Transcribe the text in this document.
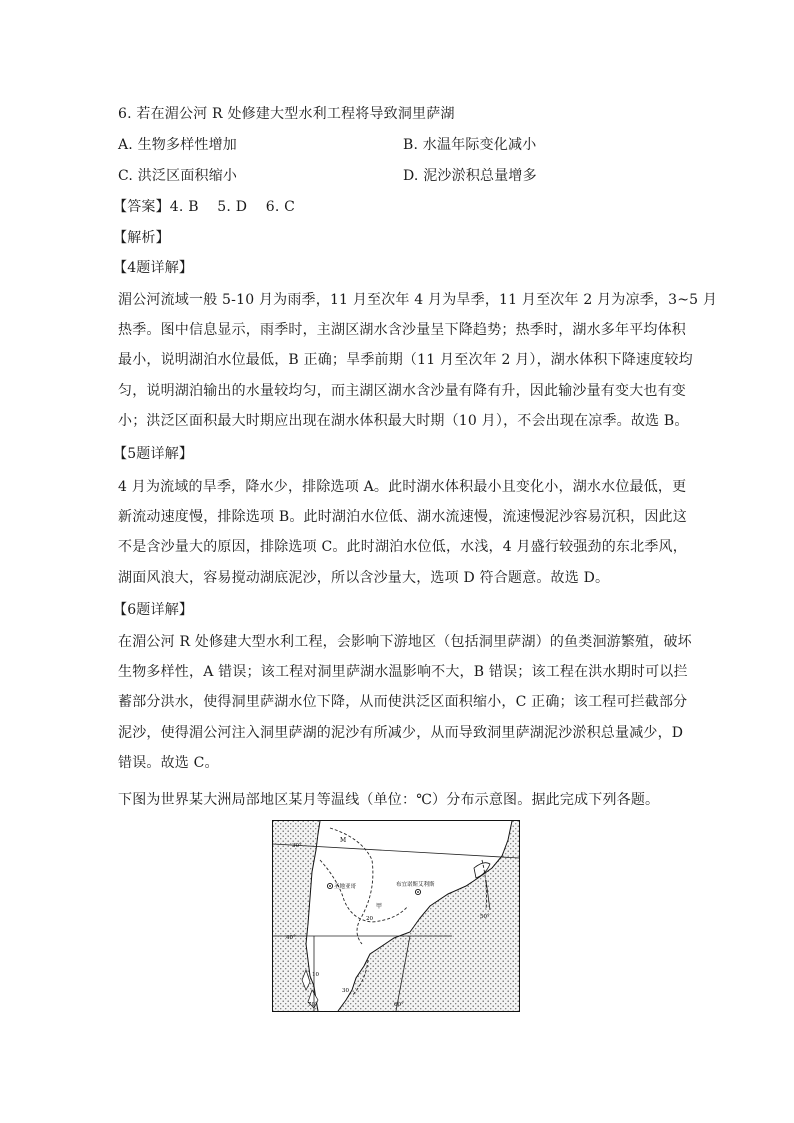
6. 若在湄公河 R 处修建大型水利工程将导致洞里萨湖
A. 生物多样性增加	B. 水温年际变化减小
C. 洪泛区面积缩小	D. 泥沙淤积总量增多
【答案】4. B    5. D    6. C
【解析】
【4题详解】
湄公河流域一般 5-10 月为雨季，11 月至次年 4 月为旱季，11 月至次年 2 月为凉季，3~5 月
热季。图中信息显示，雨季时，主湖区湖水含沙量呈下降趋势；热季时，湖水多年平均体积
最小，说明湖泊水位最低，B 正确；旱季前期（11 月至次年 2 月），湖水体积下降速度较均
匀，说明湖泊输出的水量较均匀，而主湖区湖水含沙量有降有升，因此输沙量有变大也有变
小；洪泛区面积最大时期应出现在湖水体积最大时期（10 月），不会出现在凉季。故选 B。
【5题详解】
4 月为流域的旱季，降水少，排除选项 A。此时湖水体积最小且变化小，湖水水位最低，更
新流动速度慢，排除选项 B。此时湖泊水位低、湖水流速慢，流速慢泥沙容易沉积，因此这
不是含沙量大的原因，排除选项 C。此时湖泊水位低，水浅，4 月盛行较强劲的东北季风，
湖面风浪大，容易搅动湖底泥沙，所以含沙量大，选项 D 符合题意。故选 D。
【6题详解】
在湄公河 R 处修建大型水利工程，会影响下游地区（包括洞里萨湖）的鱼类洄游繁殖，破坏
生物多样性，A 错误；该工程对洞里萨湖水温影响不大，B 错误；该工程在洪水期时可以拦
蓄部分洪水，使得洞里萨湖水位下降，从而使洪泛区面积缩小，C 正确；该工程可拦截部分
泥沙，使得湄公河注入洞里萨湖的泥沙有所减少，从而导致洞里萨湖泥沙淤积总量减少，D
错误。故选 C。
下图为世界某大洲局部地区某月等温线（单位：℃）分布示意图。据此完成下列各题。
M
30°
40°
50°
70°	60°
圣地亚哥	布宜诺斯艾利斯
甲
20
10
30
